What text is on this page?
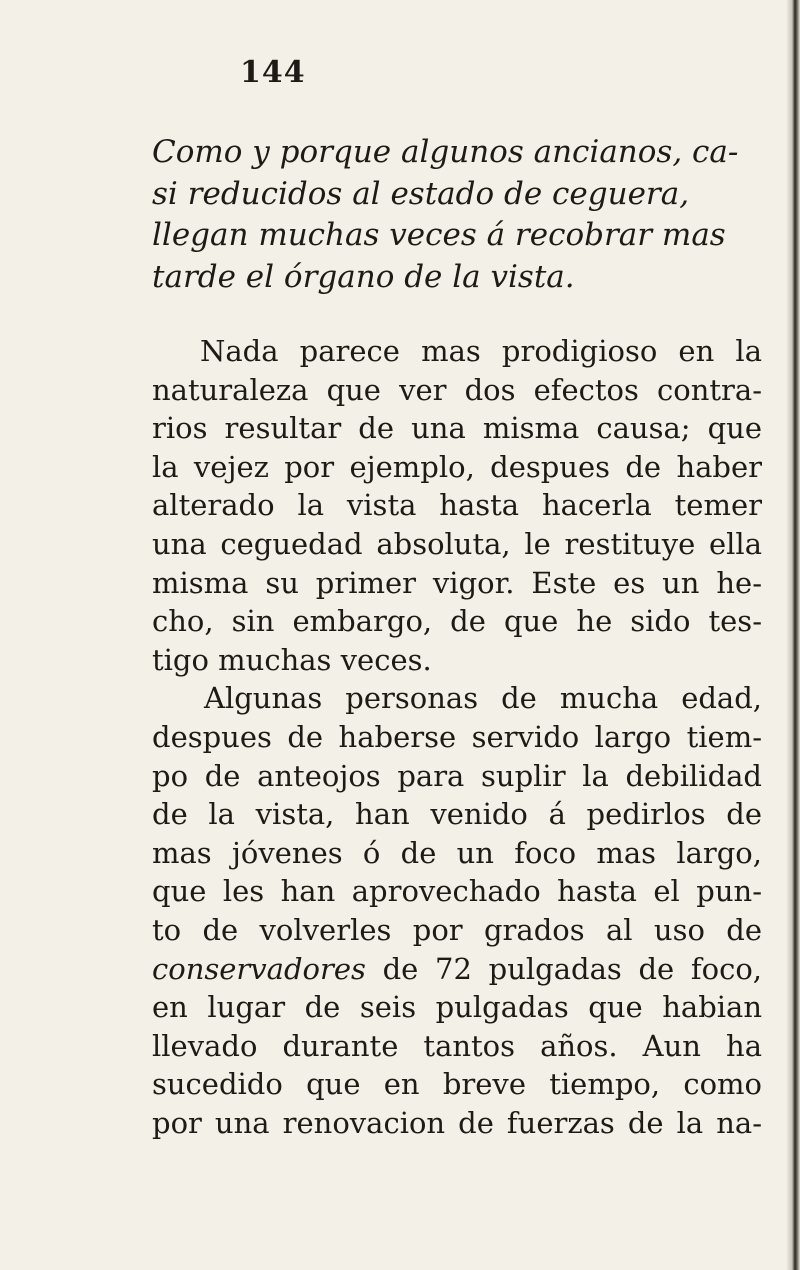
144
Como y porque algunos ancianos, ca-
si reducidos al estado de ceguera,
llegan muchas veces á recobrar mas
tarde el órgano de la vista.
Nada parece mas prodigioso en la
naturaleza que ver dos efectos contra-
rios resultar de una misma causa; que
la vejez por ejemplo, despues de haber
alterado la vista hasta hacerla temer
una ceguedad absoluta, le restituye ella
misma su primer vigor. Este es un he-
cho, sin embargo, de que he sido tes-
tigo muchas veces.
Algunas personas de mucha edad,
despues de haberse servido largo tiem-
po de anteojos para suplir la debilidad
de la vista, han venido á pedirlos de
mas jóvenes ó de un foco mas largo,
que les han aprovechado hasta el pun-
to de volverles por grados al uso de
conservadores de 72 pulgadas de foco,
en lugar de seis pulgadas que habian
llevado durante tantos años. Aun ha
sucedido que en breve tiempo, como
por una renovacion de fuerzas de la na-
